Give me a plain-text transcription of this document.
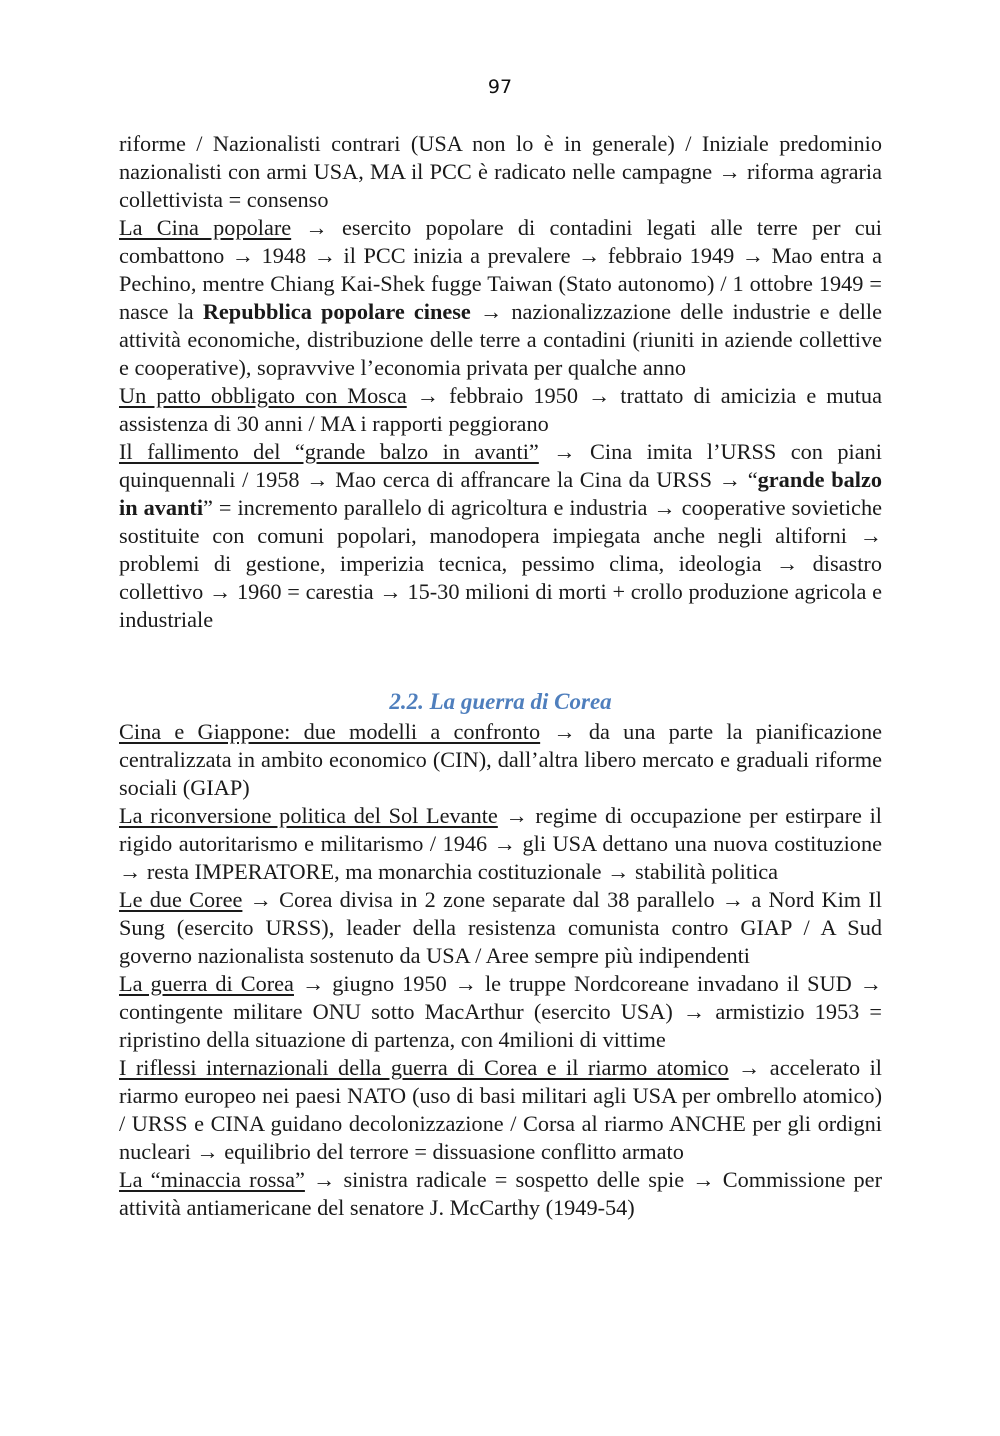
97

riforme / Nazionalisti contrari (USA non lo è in generale) / Iniziale predominio nazionalisti con armi USA, MA il PCC è radicato nelle campagne → riforma agraria collettivista = consenso

La Cina popolare → esercito popolare di contadini legati alle terre per cui combattono → 1948 → il PCC inizia a prevalere → febbraio 1949 → Mao entra a Pechino, mentre Chiang Kai-Shek fugge Taiwan (Stato autonomo) / 1 ottobre 1949 = nasce la Repubblica popolare cinese → nazionalizzazione delle industrie e delle attività economiche, distribuzione delle terre a contadini (riuniti in aziende collettive e cooperative), sopravvive l’economia privata per qualche anno

Un patto obbligato con Mosca → febbraio 1950 → trattato di amicizia e mutua assistenza di 30 anni / MA i rapporti peggiorano

Il fallimento del “grande balzo in avanti” → Cina imita l’URSS con piani quinquennali / 1958 → Mao cerca di affrancare la Cina da URSS → “grande balzo in avanti” = incremento parallelo di agricoltura e industria → cooperative sovietiche sostituite con comuni popolari, manodopera impiegata anche negli altiforni → problemi di gestione, imperizia tecnica, pessimo clima, ideologia → disastro collettivo → 1960 = carestia → 15-30 milioni di morti + crollo produzione agricola e industriale

2.2. La guerra di Corea

Cina e Giappone: due modelli a confronto → da una parte la pianificazione centralizzata in ambito economico (CIN), dall’altra libero mercato e graduali riforme sociali (GIAP)

La riconversione politica del Sol Levante → regime di occupazione per estirpare il rigido autoritarismo e militarismo / 1946 → gli USA dettano una nuova costituzione → resta IMPERATORE, ma monarchia costituzionale → stabilità politica

Le due Coree → Corea divisa in 2 zone separate dal 38 parallelo → a Nord Kim Il Sung (esercito URSS), leader della resistenza comunista contro GIAP / A Sud governo nazionalista sostenuto da USA / Aree sempre più indipendenti

La guerra di Corea → giugno 1950 → le truppe Nordcoreane invadano il SUD → contingente militare ONU sotto MacArthur (esercito USA) → armistizio 1953 = ripristino della situazione di partenza, con 4milioni di vittime

I riflessi internazionali della guerra di Corea e il riarmo atomico → accelerato il riarmo europeo nei paesi NATO (uso di basi militari agli USA per ombrello atomico) / URSS e CINA guidano decolonizzazione / Corsa al riarmo ANCHE per gli ordigni nucleari → equilibrio del terrore = dissuasione conflitto armato

La “minaccia rossa” → sinistra radicale = sospetto delle spie → Commissione per attività antiamericane del senatore J. McCarthy (1949-54)
